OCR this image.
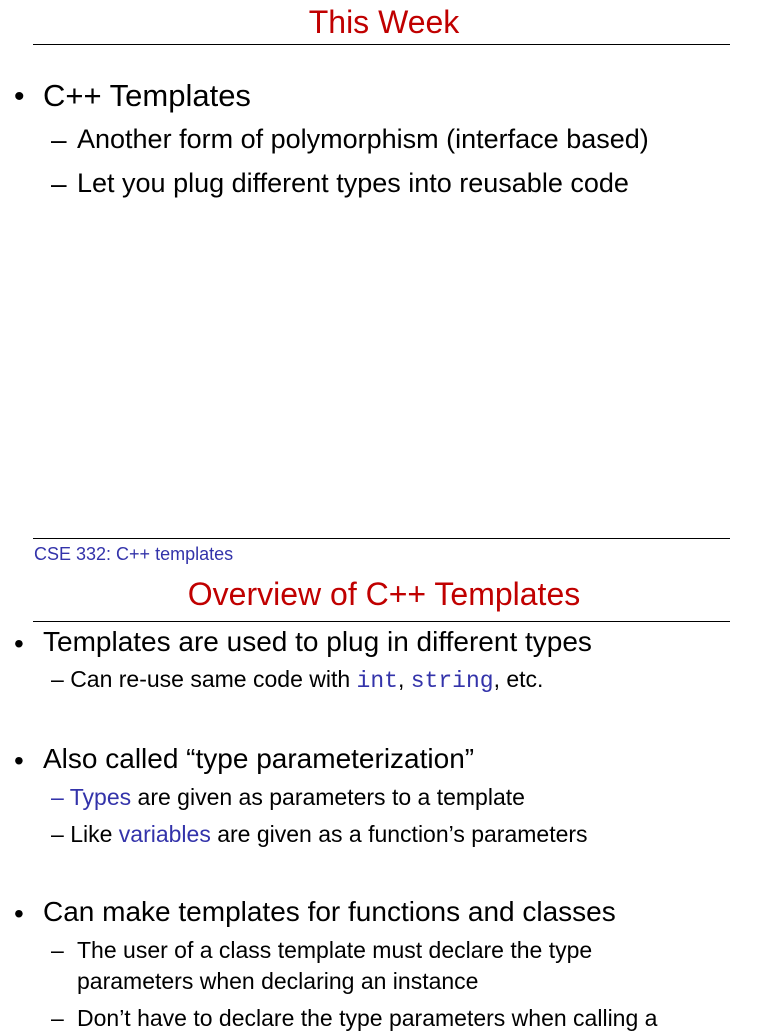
This Week
• C++ Templates
– Another form of polymorphism (interface based)
– Let you plug different types into reusable code
CSE 332: C++ templates
Overview of C++ Templates
• Templates are used to plug in different types
– Can re-use same code with int, string, etc.
• Also called “type parameterization”
– Types are given as parameters to a template
– Like variables are given as a function’s parameters
• Can make templates for functions and classes
– The user of a class template must declare the type
parameters when declaring an instance
– Don’t have to declare the type parameters when calling a
